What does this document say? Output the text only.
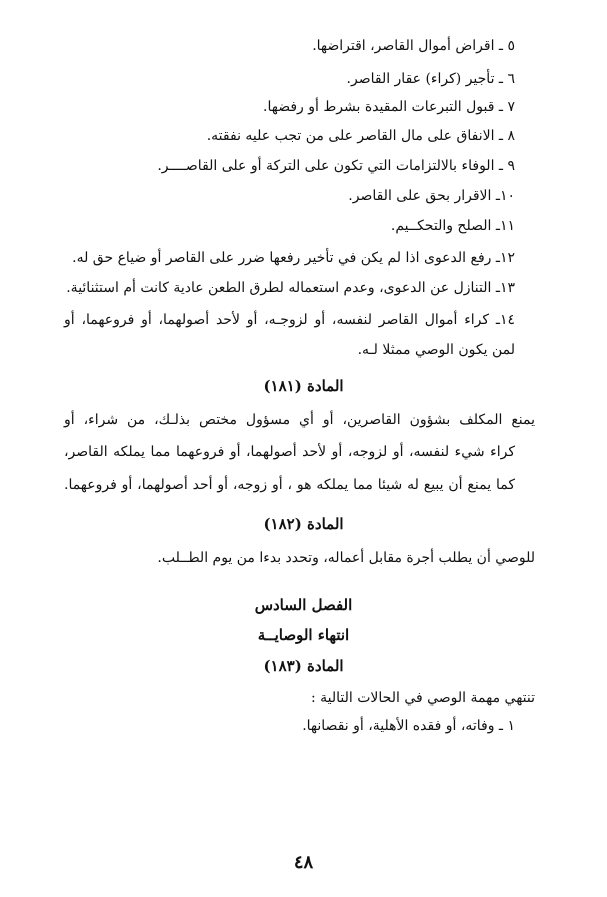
٥ ـ اقراض أموال القاصر، اقتراضها.
٦ ـ تأجير (كراء) عقار القاصر.
٧ ـ قبول التبرعات المقيدة بشرط أو رفضها.
٨ ـ الانفاق على مال القاصر على من تجب عليه نفقته.
٩ ـ الوفاء بالالتزامات التي تكون على التركة أو على القاصــــر.
١٠ـ الاقرار بحق على القاصر.
١١ـ الصلح والتحكــيم.
١٢ـ رفع الدعوى اذا لم يكن في تأخير رفعها ضرر على القاصر أو ضياع حق له.
١٣ـ التنازل عن الدعوى، وعدم استعماله لطرق الطعن عادية كانت أم استثنائية.
١٤ـ كراء أموال القاصر لنفسه، أو لزوجـه، أو لأحد أصولهما، أو فروعهما، أو
لمن يكون الوصي ممثلا لـه.
المادة (١٨١)
يمنع المكلف بشؤون القاصرين، أو أي مسؤول مختص بذلـك، من شراء، أو
كراء شيء لنفسه، أو لزوجه، أو لأحد أصولهما، أو فروعهما مما يملكه القاصر،
كما يمنع أن يبيع له شيئا مما يملكه هو ، أو زوجه، أو أحد أصولهما، أو فروعهما.
المادة (١٨٢)
للوصي أن يطلب أجرة مقابل أعماله، وتحدد بدءا من يوم الطــلب.
الفصل السادس
انتهاء الوصايــة
المادة (١٨٣)
تنتهي مهمة الوصي في الحالات التالية :
١ ـ وفاته، أو فقده الأهلية، أو نقصانها.
٤٨
